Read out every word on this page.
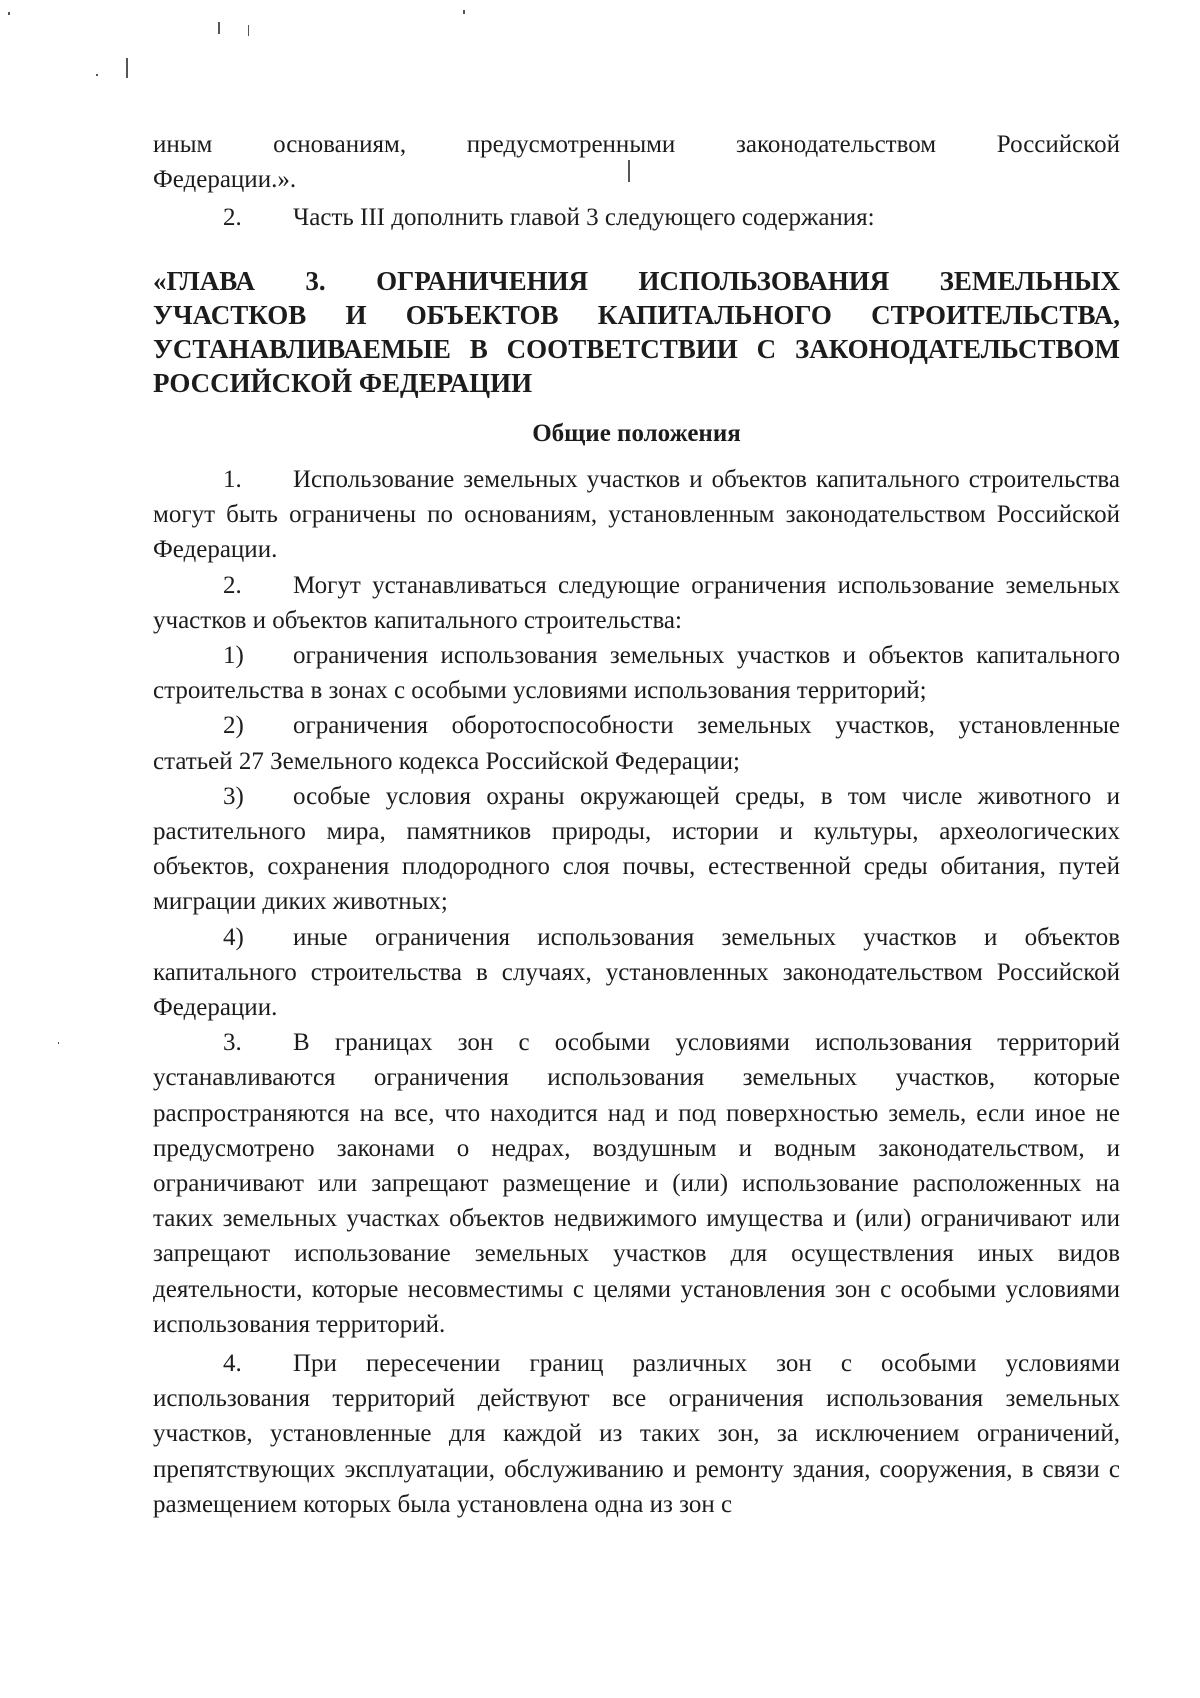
иным основаниям, предусмотренными законодательством Российской

Федерации.».

2. Часть III дополнить главой 3 следующего содержания:

«ГЛАВА 3. ОГРАНИЧЕНИЯ ИСПОЛЬЗОВАНИЯ ЗЕМЕЛЬНЫХ

УЧАСТКОВ И ОБЪЕКТОВ КАПИТАЛЬНОГО СТРОИТЕЛЬСТВА,

УСТАНАВЛИВАЕМЫЕ В СООТВЕТСТВИИ С ЗАКОНОДАТЕЛЬСТВОМ

РОССИЙСКОЙ ФЕДЕРАЦИИ

Общие положения

1. Использование земельных участков и объектов капитального строительства могут быть ограничены по основаниям, установленным законодательством Российской Федерации.

2. Могут устанавливаться следующие ограничения использование земельных участков и объектов капитального строительства:

1) ограничения использования земельных участков и объектов капитального строительства в зонах с особыми условиями использования территорий;

2) ограничения оборотоспособности земельных участков, установленные статьей 27 Земельного кодекса Российской Федерации;

3) особые условия охраны окружающей среды, в том числе животного и растительного мира, памятников природы, истории и культуры, археологических объектов, сохранения плодородного слоя почвы, естественной среды обитания, путей миграции диких животных;

4) иные ограничения использования земельных участков и объектов капитального строительства в случаях, установленных законодательством Российской Федерации.

3. В границах зон с особыми условиями использования территорий устанавливаются ограничения использования земельных участков, которые распространяются на все, что находится над и под поверхностью земель, если иное не предусмотрено законами о недрах, воздушным и водным законодательством, и ограничивают или запрещают размещение и (или) использование расположенных на таких земельных участках объектов недвижимого имущества и (или) ограничивают или запрещают использование земельных участков для осуществления иных видов деятельности, которые несовместимы с целями установления зон с особыми условиями использования территорий.

4. При пересечении границ различных зон с особыми условиями использования территорий действуют все ограничения использования земельных участков, установленные для каждой из таких зон, за исключением ограничений, препятствующих эксплуатации, обслуживанию и ремонту здания, сооружения, в связи с размещением которых была установлена одна из зон с
